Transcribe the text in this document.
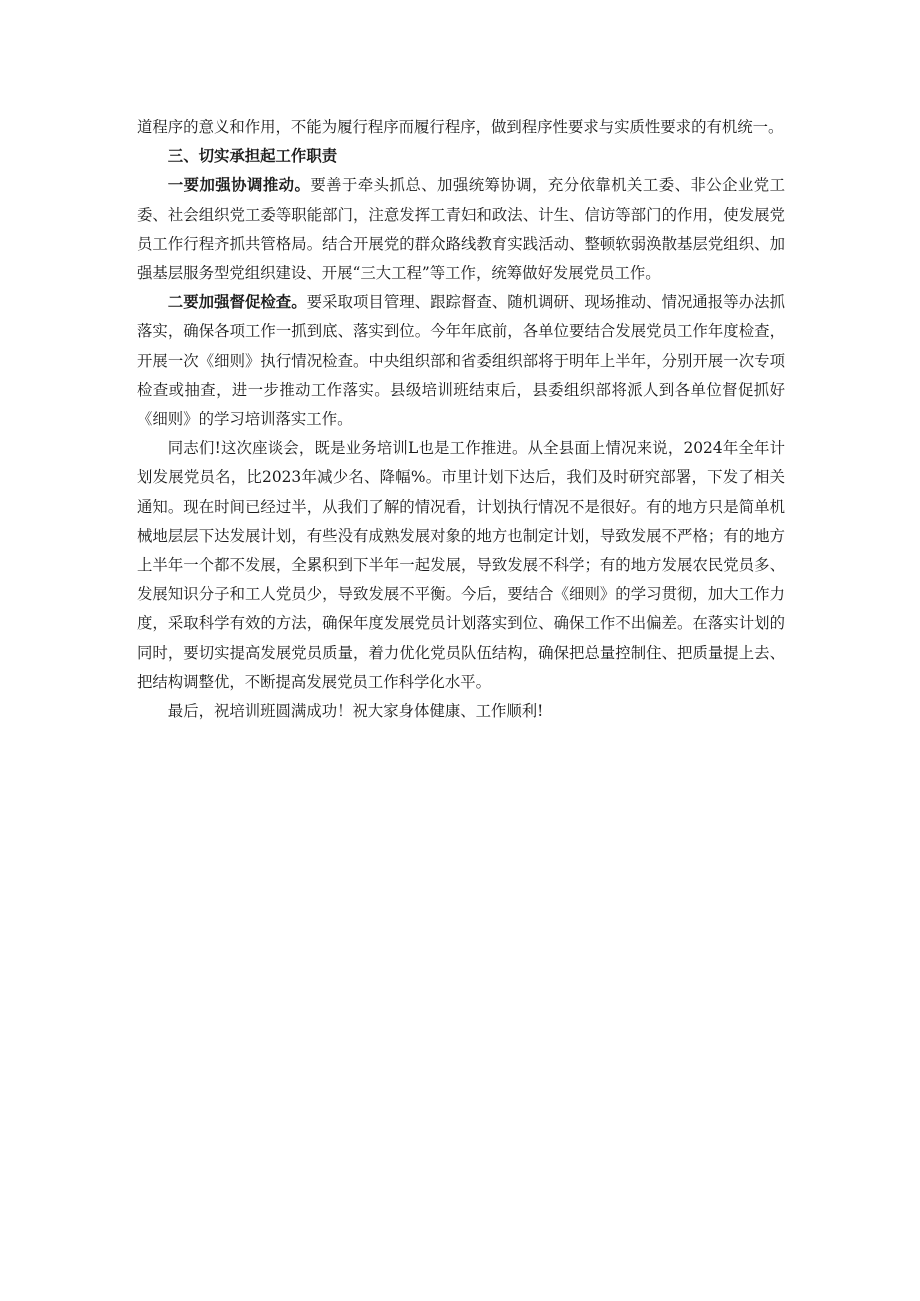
道程序的意义和作用，不能为履行程序而履行程序，做到程序性要求与实质性要求的有机统一。

三、切实承担起工作职责

一要加强协调推动。要善于牵头抓总、加强统筹协调，充分依靠机关工委、非公企业党工委、社会组织党工委等职能部门，注意发挥工青妇和政法、计生、信访等部门的作用，使发展党员工作行程齐抓共管格局。结合开展党的群众路线教育实践活动、整顿软弱涣散基层党组织、加强基层服务型党组织建设、开展“三大工程”等工作，统筹做好发展党员工作。

二要加强督促检查。要采取项目管理、跟踪督查、随机调研、现场推动、情况通报等办法抓落实，确保各项工作一抓到底、落实到位。今年年底前，各单位要结合发展党员工作年度检查，开展一次《细则》执行情况检查。中央组织部和省委组织部将于明年上半年，分别开展一次专项检查或抽查，进一步推动工作落实。县级培训班结束后，县委组织部将派人到各单位督促抓好《细则》的学习培训落实工作。

同志们!这次座谈会，既是业务培训L也是工作推进。从全县面上情况来说，2024年全年计划发展党员名，比2023年减少名、降幅%。市里计划下达后，我们及时研究部署，下发了相关通知。现在时间已经过半，从我们了解的情况看，计划执行情况不是很好。有的地方只是简单机械地层层下达发展计划，有些没有成熟发展对象的地方也制定计划，导致发展不严格；有的地方上半年一个都不发展，全累积到下半年一起发展，导致发展不科学；有的地方发展农民党员多、发展知识分子和工人党员少，导致发展不平衡。今后，要结合《细则》的学习贯彻，加大工作力度，采取科学有效的方法，确保年度发展党员计划落实到位、确保工作不出偏差。在落实计划的同时，要切实提高发展党员质量，着力优化党员队伍结构，确保把总量控制住、把质量提上去、把结构调整优，不断提高发展党员工作科学化水平。

最后，祝培训班圆满成功！祝大家身体健康、工作顺利!
